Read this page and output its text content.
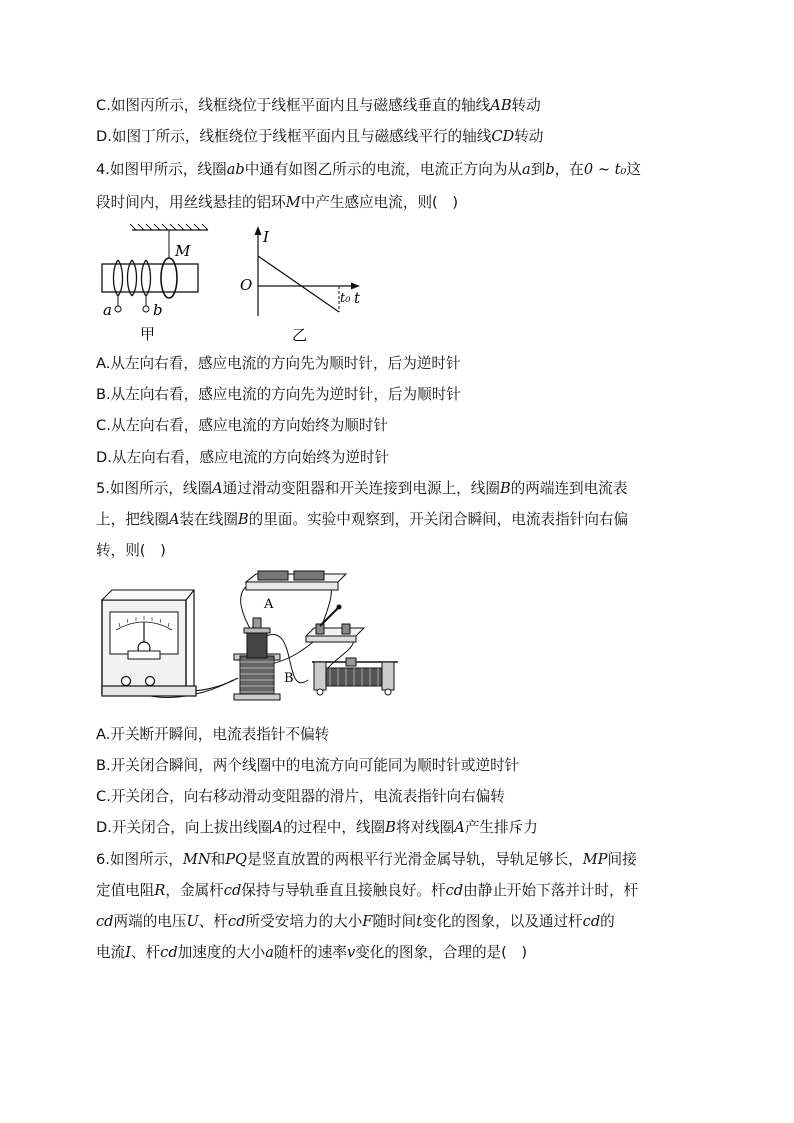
C.如图丙所示，线框绕位于线框平面内且与磁感线垂直的轴线AB转动
D.如图丁所示，线框绕位于线框平面内且与磁感线平行的轴线CD转动
4.如图甲所示，线圈ab中通有如图乙所示的电流，电流正方向为从a到b，在0 ~ t₀这
段时间内，用丝线悬挂的铝环M中产生感应电流，则(　)
M
a	b
甲
I
O
t₀ t
乙
A.从左向右看，感应电流的方向先为顺时针，后为逆时针
B.从左向右看，感应电流的方向先为逆时针，后为顺时针
C.从左向右看，感应电流的方向始终为顺时针
D.从左向右看，感应电流的方向始终为逆时针
5.如图所示，线圈A通过滑动变阻器和开关连接到电源上，线圈B的两端连到电流表
上，把线圈A装在线圈B的里面。实验中观察到，开关闭合瞬间，电流表指针向右偏
转，则(　)
B
A
A.开关断开瞬间，电流表指针不偏转
B.开关闭合瞬间，两个线圈中的电流方向可能同为顺时针或逆时针
C.开关闭合，向右移动滑动变阻器的滑片，电流表指针向右偏转
D.开关闭合，向上拔出线圈A的过程中，线圈B将对线圈A产生排斥力
6.如图所示，MN和PQ是竖直放置的两根平行光滑金属导轨，导轨足够长，MP间接
定值电阻R，金属杆cd保持与导轨垂直且接触良好。杆cd由静止开始下落并计时，杆
cd两端的电压U、杆cd所受安培力的大小F随时间t变化的图象，以及通过杆cd的
电流I、杆cd加速度的大小a随杆的速率v变化的图象，合理的是(　)
